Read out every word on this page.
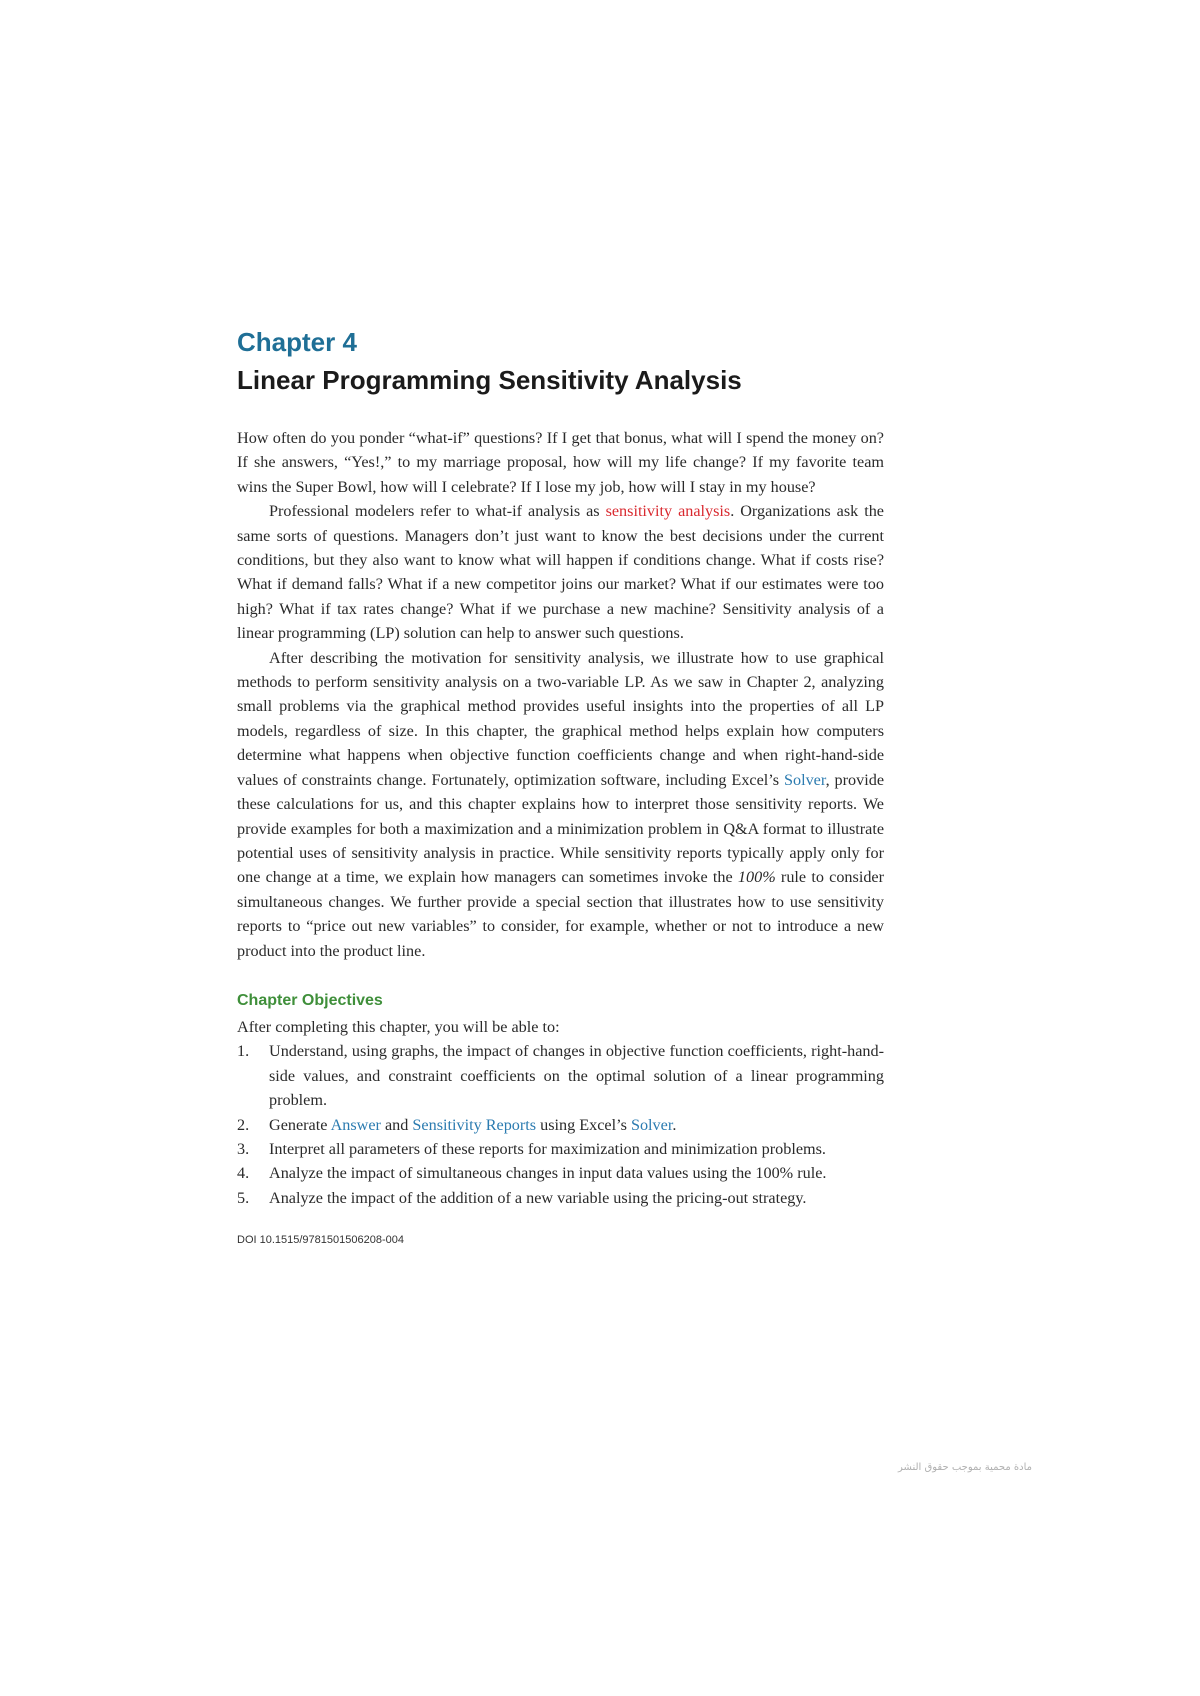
Chapter 4
Linear Programming Sensitivity Analysis

How often do you ponder “what-if” questions? If I get that bonus, what will I spend the money on? If she answers, “Yes!,” to my marriage proposal, how will my life change? If my favorite team wins the Super Bowl, how will I celebrate? If I lose my job, how will I stay in my house?

Professional modelers refer to what-if analysis as sensitivity analysis. Organizations ask the same sorts of questions. Managers don’t just want to know the best decisions under the current conditions, but they also want to know what will happen if conditions change. What if costs rise? What if demand falls? What if a new competitor joins our market? What if our estimates were too high? What if tax rates change? What if we purchase a new machine? Sensitivity analysis of a linear programming (LP) solution can help to answer such questions.

After describing the motivation for sensitivity analysis, we illustrate how to use graphical methods to perform sensitivity analysis on a two-variable LP. As we saw in Chapter 2, analyzing small problems via the graphical method provides useful insights into the properties of all LP models, regardless of size. In this chapter, the graphical method helps explain how computers determine what happens when objective function coefficients change and when right-hand-side values of constraints change. Fortunately, optimization software, including Excel’s Solver, provide these calculations for us, and this chapter explains how to interpret those sensitivity reports. We provide examples for both a maximization and a minimization problem in Q&A format to illustrate potential uses of sensitivity analysis in practice. While sensitivity reports typically apply only for one change at a time, we explain how managers can sometimes invoke the 100% rule to consider simultaneous changes. We further provide a special section that illustrates how to use sensitivity reports to “price out new variables” to consider, for example, whether or not to introduce a new product into the product line.

Chapter Objectives

After completing this chapter, you will be able to:

1. Understand, using graphs, the impact of changes in objective function coefficients, right-hand-side values, and constraint coefficients on the optimal solution of a linear programming problem.
2. Generate Answer and Sensitivity Reports using Excel’s Solver.
3. Interpret all parameters of these reports for maximization and minimization problems.
4. Analyze the impact of simultaneous changes in input data values using the 100% rule.
5. Analyze the impact of the addition of a new variable using the pricing-out strategy.
DOI 10.1515/9781501506208-004
مادة محمية بموجب حقوق النشر
